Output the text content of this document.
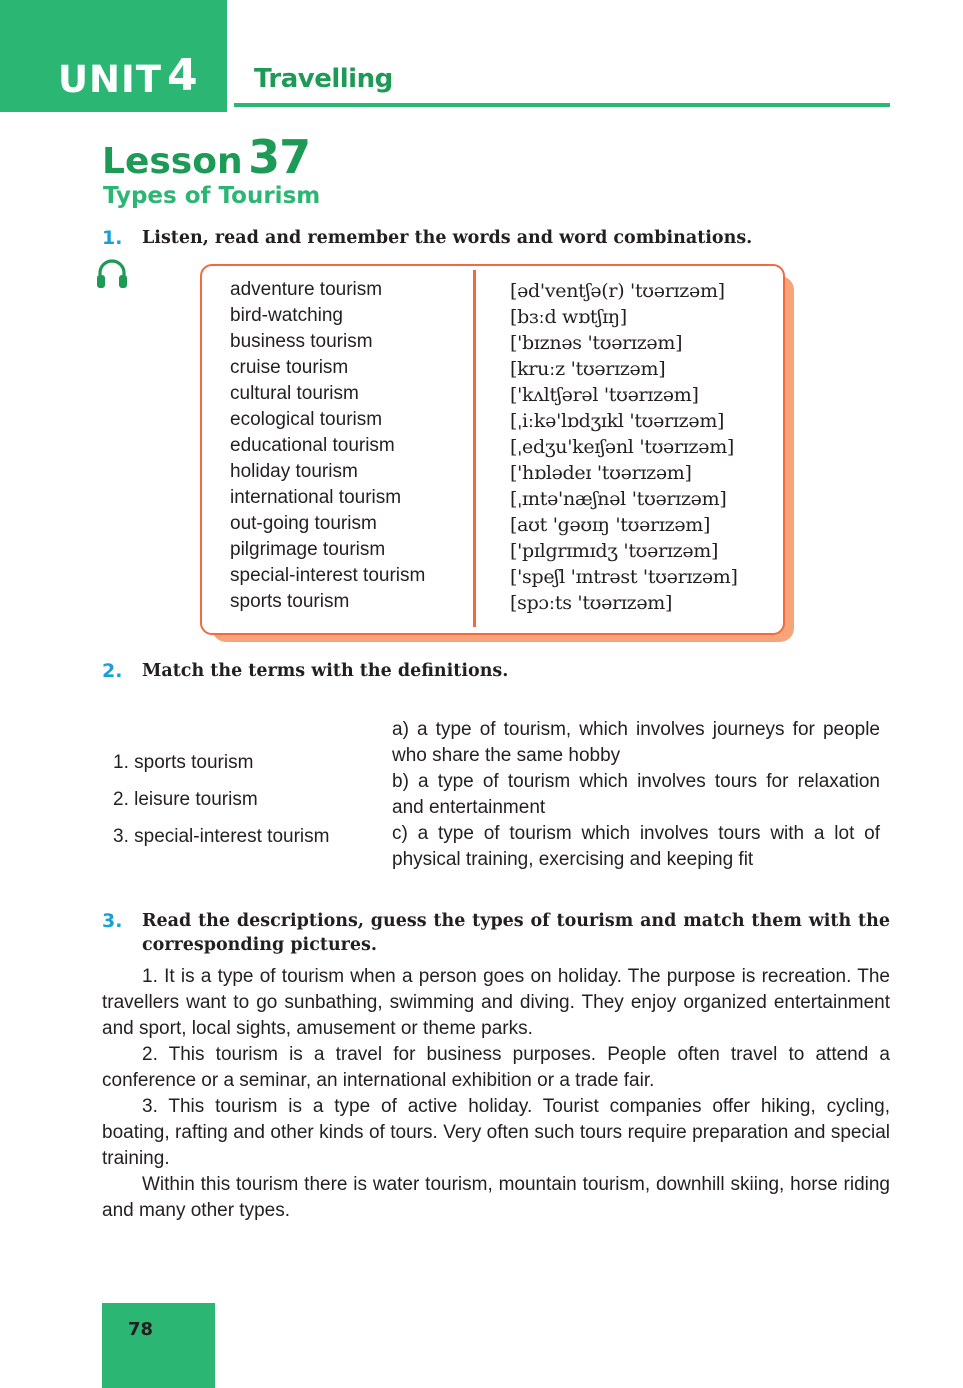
UNIT 4 Travelling
Lesson 37
Types of Tourism
1. Listen, read and remember the words and word combinations.
adventure tourism
bird-watching
business tourism
cruise tourism
cultural tourism
ecological tourism
educational tourism
holiday tourism
international tourism
out-going tourism
pilgrimage tourism
special-interest tourism
sports tourism
[əd'ventʃə(r) 'tʊərɪzəm]
[bɜːd wɒtʃɪŋ]
['bɪznəs 'tʊərɪzəm]
[kruːz 'tʊərɪzəm]
['kʌltʃərəl 'tʊərɪzəm]
[ˌiːkə'lɒdʒɪkl 'tʊərɪzəm]
[ˌedʒu'keɪʃənl 'tʊərɪzəm]
['hɒlədeɪ 'tʊərɪzəm]
[ˌɪntə'næʃnəl 'tʊərɪzəm]
[aʊt 'gəʊɪŋ 'tʊərɪzəm]
['pɪlgrɪmɪdʒ 'tʊərɪzəm]
['speʃl 'ɪntrəst 'tʊərɪzəm]
[spɔːts 'tʊərɪzəm]
2. Match the terms with the definitions.
1. sports tourism
2. leisure tourism
3. special-interest tourism
a) a type of tourism, which involves journeys for people who share the same hobby
b) a type of tourism which involves tours for relaxation and entertainment
c) a type of tourism which involves tours with a lot of physical training, exercising and keeping fit
3. Read the descriptions, guess the types of tourism and match them with the corresponding pictures.

1. It is a type of tourism when a person goes on holiday. The purpose is recreation. The travellers want to go sunbathing, swimming and diving. They enjoy organized entertainment and sport, local sights, amusement or theme parks.

2. This tourism is a travel for business purposes. People often travel to attend a conference or a seminar, an international exhibition or a trade fair.

3. This tourism is a type of active holiday. Tourist companies offer hiking, cycling, boating, rafting and other kinds of tours. Very often such tours require preparation and special training.

Within this tourism there is water tourism, mountain tourism, downhill skiing, horse riding and many other types.

78
